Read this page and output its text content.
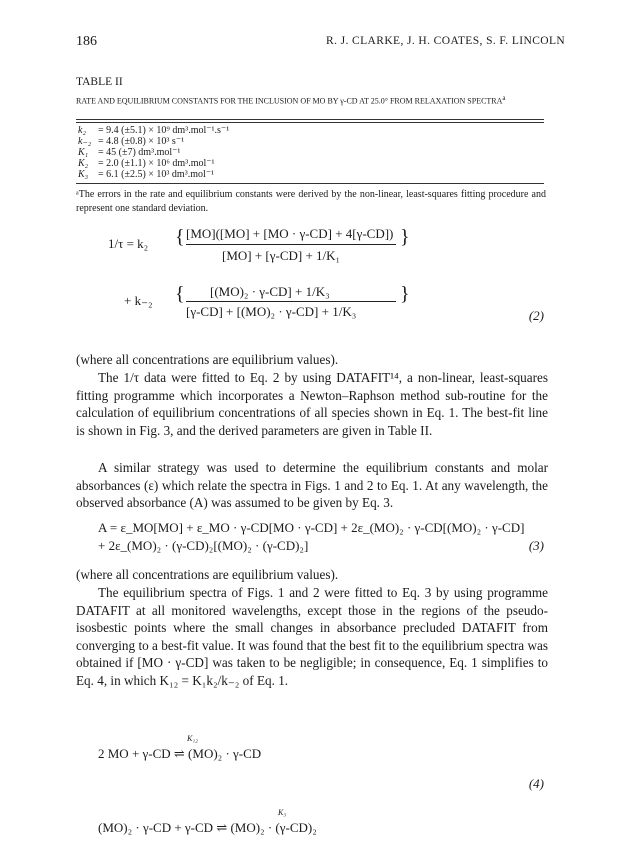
186	R. J. CLARKE, J. H. COATES, S. F. LINCOLN
TABLE II
RATE AND EQUILIBRIUM CONSTANTS FOR THE INCLUSION OF MO BY γ-CD AT 25.0° FROM RELAXATION SPECTRA$^a$
k₂ = 9.4 (±5.1) × 10⁹ dm³.mol⁻¹.s⁻¹
k₋₂ = 4.8 (±0.8) × 10³ s⁻¹
K₁ = 45 (±7) dm³.mol⁻¹
K₂ = 2.0 (±1.1) × 10⁶ dm³.mol⁻¹
K₃ = 6.1 (±2.5) × 10³ dm³.mol⁻¹
ᵃThe errors in the rate and equilibrium constants were derived by the non-linear, least-squares fitting procedure and represent one standard deviation.
1/τ = k₂ { [MO]([MO] + [MO · γ-CD] + 4[γ-CD])
[MO] + [γ-CD] + 1/K₁
}
+ k₋₂ { [(MO)₂ · γ-CD] + 1/K₃
[γ-CD] + [(MO)₂ · γ-CD] + 1/K₃
}
(2)
(where all concentrations are equilibrium values).
The 1/τ data were fitted to Eq. 2 by using DATAFIT¹⁴, a non-linear, least-squares fitting programme which incorporates a Newton–Raphson method sub-routine for the calculation of equilibrium concentrations of all species shown in Eq. 1. The best-fit line is shown in Fig. 3, and the derived parameters are given in Table II.
A similar strategy was used to determine the equilibrium constants and molar absorbances (ε) which relate the spectra in Figs. 1 and 2 to Eq. 1. At any wavelength, the observed absorbance (A) was assumed to be given by Eq. 3.
A = ε_MO[MO] + ε_MO · γ-CD[MO · γ-CD] + 2ε_(MO)₂ · γ-CD[(MO)₂ · γ-CD]
+ 2ε_(MO)₂ · (γ-CD)₂[(MO)₂ · (γ-CD)₂]	(3)
(where all concentrations are equilibrium values).
The equilibrium spectra of Figs. 1 and 2 were fitted to Eq. 3 by using programme DATAFIT at all monitored wavelengths, except those in the regions of the pseudo-isosbestic points where the small changes in absorbance precluded DATAFIT from converging to a best-fit value. It was found that the best fit to the equilibrium spectra was obtained if [MO · γ-CD] was taken to be negligible; in consequence, Eq. 1 simplifies to Eq. 4, in which K₁₂ = K₁k₂/k₋₂ of Eq. 1.
K₁₂
2 MO + γ-CD ⇌ (MO)₂ · γ-CD
(4)
K₃
(MO)₂ · γ-CD + γ-CD ⇌ (MO)₂ · (γ-CD)₂
